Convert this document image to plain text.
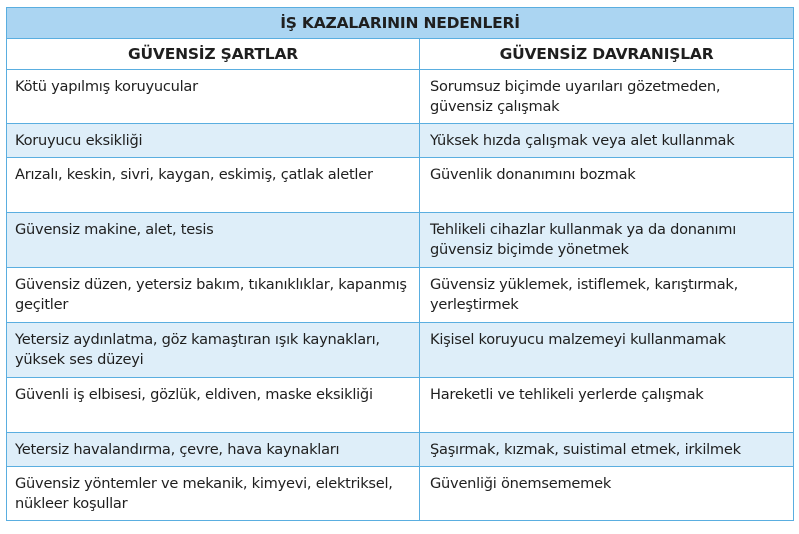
İŞ KAZALARININ NEDENLERİ	
GÜVENSİZ ŞARTLAR	GÜVENSİZ DAVRANIŞLAR
Kötü yapılmış koruyucular	Sorumsuz biçimde uyarıları gözetmeden, güvensiz çalışmak
Koruyucu eksikliği	Yüksek hızda çalışmak veya alet kullanmak
Arızalı, keskin, sivri, kaygan, eskimiş, çatlak aletler	Güvenlik donanımını bozmak
Güvensiz makine, alet, tesis	Tehlikeli cihazlar kullanmak ya da donanımı güvensiz biçimde yönetmek
Güvensiz düzen, yetersiz bakım, tıkanıklıklar, kapanmış geçitler	Güvensiz yüklemek, istiflemek, karıştırmak, yerleştirmek
Yetersiz aydınlatma, göz kamaştıran ışık kaynakları, yüksek ses düzeyi	Kişisel koruyucu malzemeyi kullanmamak
Güvenli iş elbisesi, gözlük, eldiven, maske eksikliği	Hareketli ve tehlikeli yerlerde çalışmak
Yetersiz havalandırma, çevre, hava kaynakları	Şaşırmak, kızmak, suistimal etmek, irkilmek
Güvensiz yöntemler ve mekanik, kimyevi, elektriksel, nükleer koşullar	Güvenliği önemsememek
